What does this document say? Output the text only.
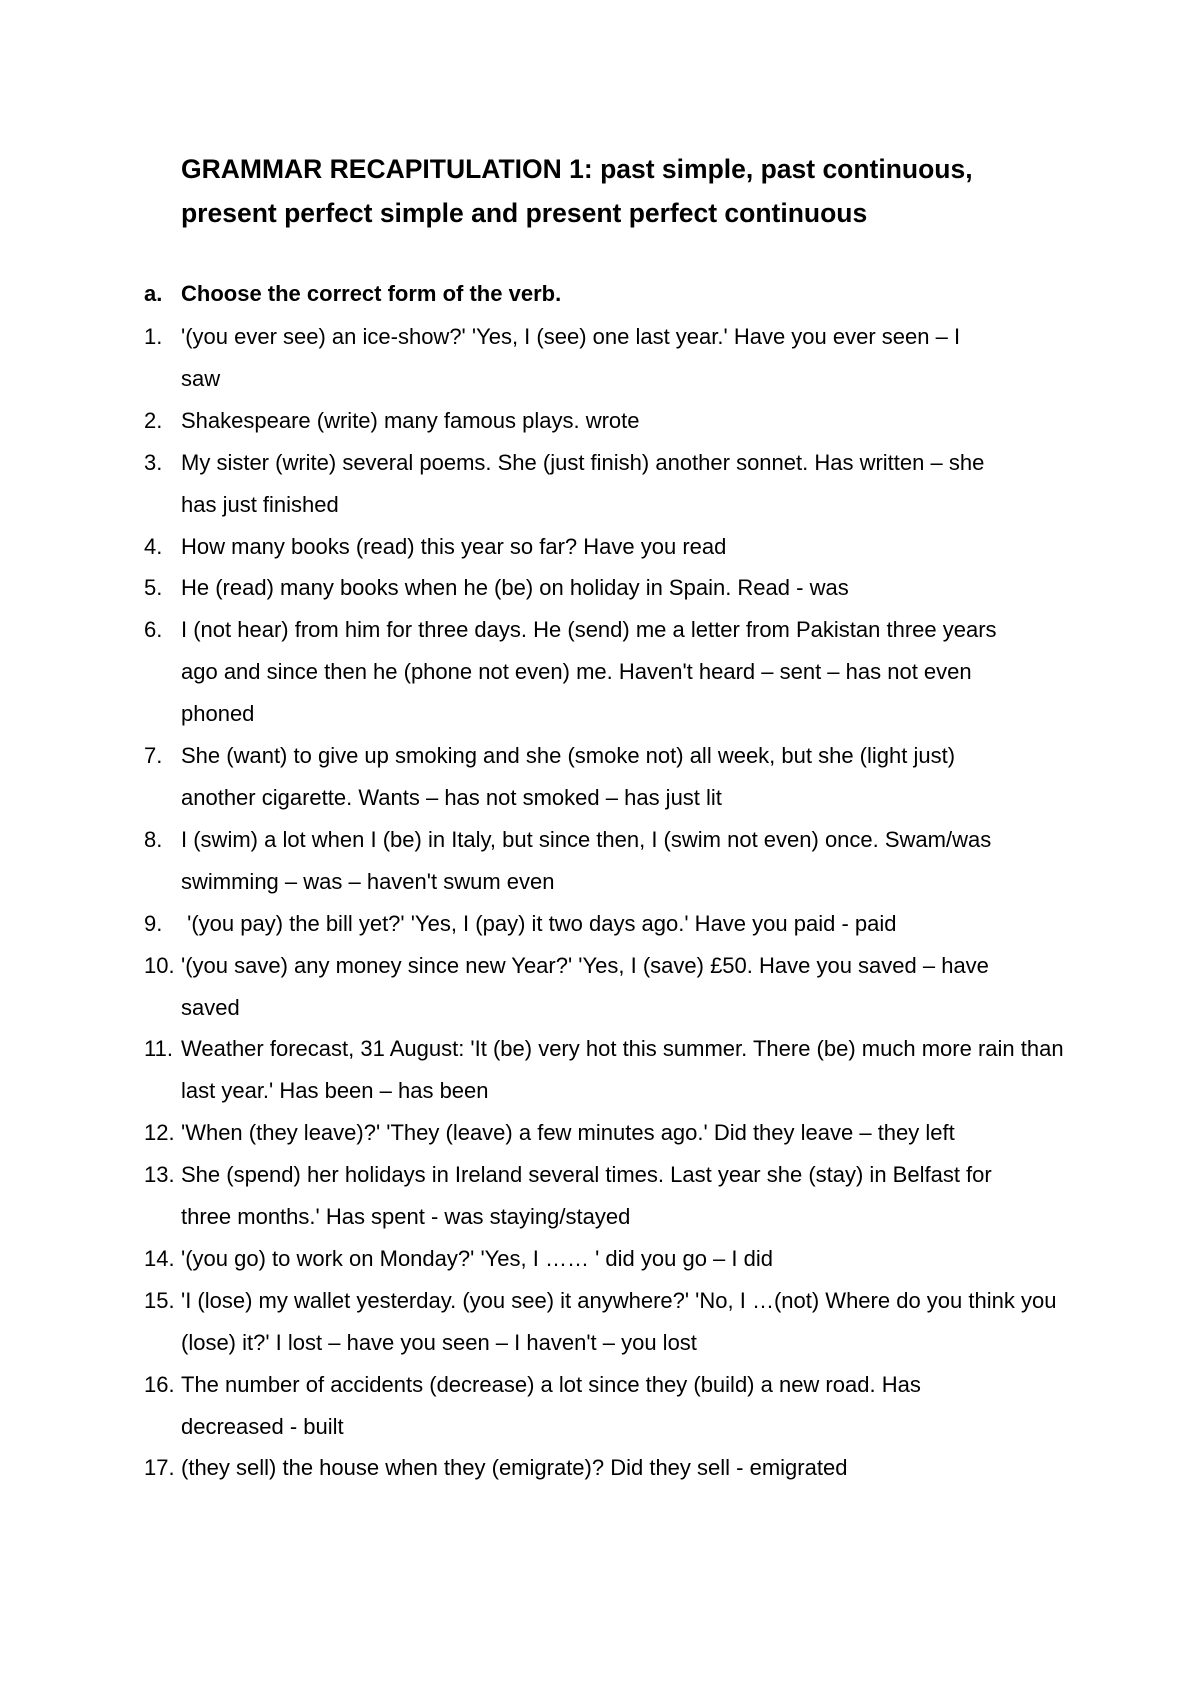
GRAMMAR RECAPITULATION 1: past simple, past continuous,
present perfect simple and present perfect continuous
a. Choose the correct form of the verb.
1. '(you ever see) an ice-show?' 'Yes, I (see) one last year.' Have you ever seen – I saw
2. Shakespeare (write) many famous plays. wrote
3. My sister (write) several poems. She (just finish) another sonnet. Has written – she has just finished
4. How many books (read) this year so far? Have you read
5. He (read) many books when he (be) on holiday in Spain. Read - was
6. I (not hear) from him for three days. He (send) me a letter from Pakistan three years ago and since then he (phone not even) me. Haven't heard – sent – has not even phoned
7. She (want) to give up smoking and she (smoke not) all week, but she (light just) another cigarette. Wants – has not smoked – has just lit
8. I (swim) a lot when I (be) in Italy, but since then, I (swim not even) once. Swam/was swimming – was – haven't swum even
9. '(you pay) the bill yet?' 'Yes, I (pay) it two days ago.' Have you paid - paid
10. '(you save) any money since new Year?' 'Yes, I (save) £50. Have you saved – have saved
11. Weather forecast, 31 August: 'It (be) very hot this summer. There (be) much more rain than last year.' Has been – has been
12. 'When (they leave)?' 'They (leave) a few minutes ago.' Did they leave – they left
13. She (spend) her holidays in Ireland several times. Last year she (stay) in Belfast for three months.' Has spent - was staying/stayed
14. '(you go) to work on Monday?' 'Yes, I …… ' did you go – I did
15. 'I (lose) my wallet yesterday. (you see) it anywhere?' 'No, I …(not) Where do you think you (lose) it?' I lost – have you seen – I haven't – you lost
16. The number of accidents (decrease) a lot since they (build) a new road. Has decreased - built
17. (they sell) the house when they (emigrate)? Did they sell - emigrated
